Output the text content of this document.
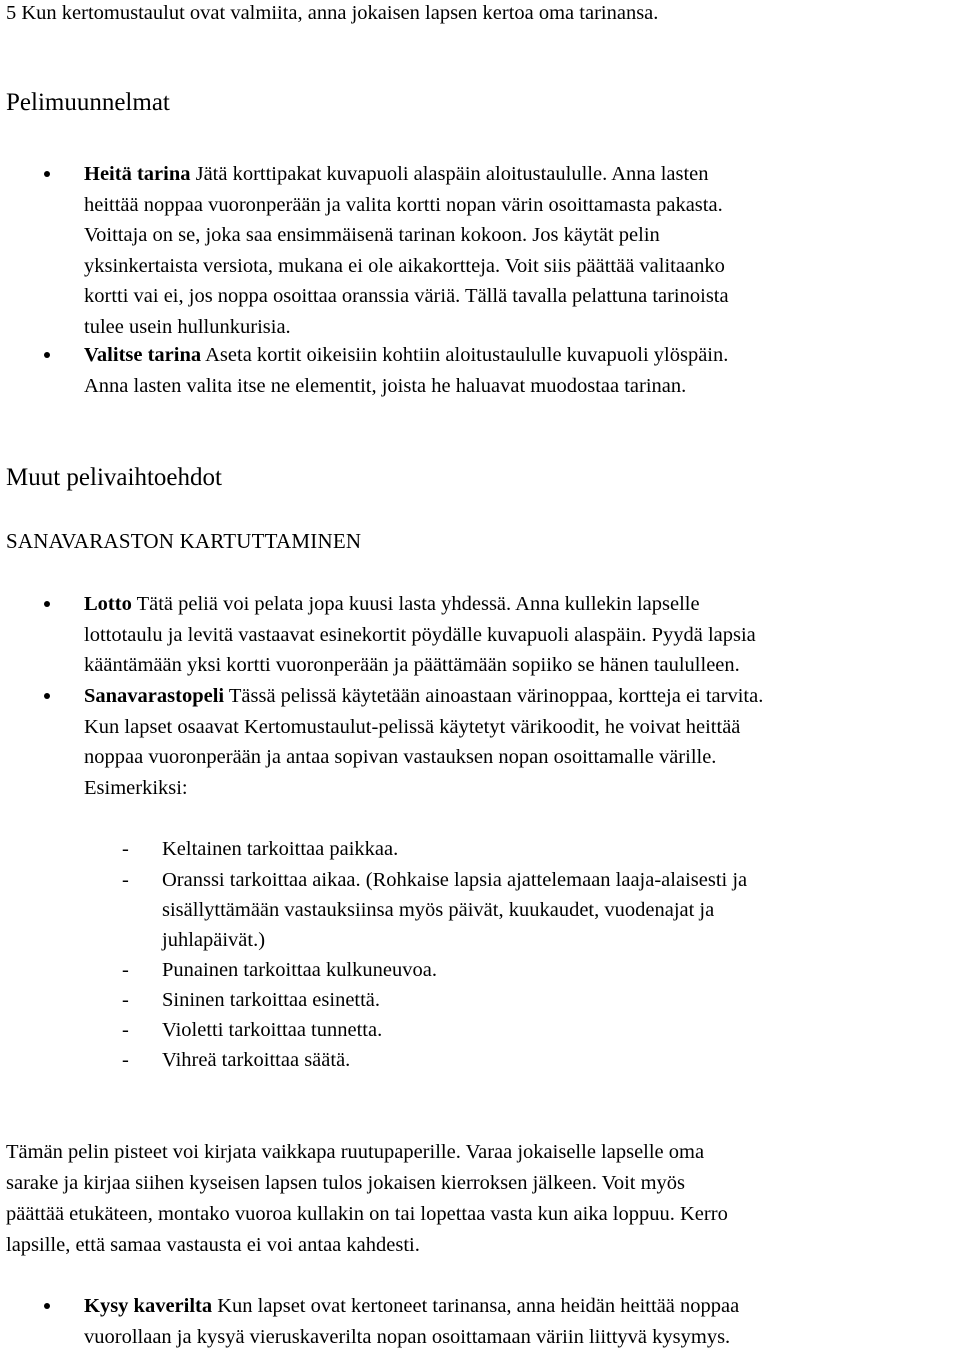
5 Kun kertomustaulut ovat valmiita, anna jokaisen lapsen kertoa oma tarinansa.
Pelimuunnelmat
Heitä tarina Jätä korttipakat kuvapuoli alaspäin aloitustaululle. Anna lasten
heittää noppaa vuoronperään ja valita kortti nopan värin osoittamasta pakasta.
Voittaja on se, joka saa ensimmäisenä tarinan kokoon. Jos käytät pelin
yksinkertaista versiota, mukana ei ole aikakortteja. Voit siis päättää valitaanko
kortti vai ei, jos noppa osoittaa oranssia väriä. Tällä tavalla pelattuna tarinoista
tulee usein hullunkurisia.
Valitse tarina Aseta kortit oikeisiin kohtiin aloitustaululle kuvapuoli ylöspäin.
Anna lasten valita itse ne elementit, joista he haluavat muodostaa tarinan.
Muut pelivaihtoehdot
SANAVARASTON KARTUTTAMINEN
Lotto Tätä peliä voi pelata jopa kuusi lasta yhdessä. Anna kullekin lapselle
lottotaulu ja levitä vastaavat esinekortit pöydälle kuvapuoli alaspäin. Pyydä lapsia
kääntämään yksi kortti vuoronperään ja päättämään sopiiko se hänen taululleen.
Sanavarastopeli Tässä pelissä käytetään ainoastaan värinoppaa, kortteja ei tarvita.
Kun lapset osaavat Kertomustaulut-pelissä käytetyt värikoodit, he voivat heittää
noppaa vuoronperään ja antaa sopivan vastauksen nopan osoittamalle värille.
Esimerkiksi:
- Keltainen tarkoittaa paikkaa.
- Oranssi tarkoittaa aikaa. (Rohkaise lapsia ajattelemaan laaja-alaisesti ja
sisällyttämään vastauksiinsa myös päivät, kuukaudet, vuodenajat ja
juhlapäivät.)
- Punainen tarkoittaa kulkuneuvoa.
- Sininen tarkoittaa esinettä.
- Violetti tarkoittaa tunnetta.
- Vihreä tarkoittaa säätä.
Tämän pelin pisteet voi kirjata vaikkapa ruutupaperille. Varaa jokaiselle lapselle oma
sarake ja kirjaa siihen kyseisen lapsen tulos jokaisen kierroksen jälkeen. Voit myös
päättää etukäteen, montako vuoroa kullakin on tai lopettaa vasta kun aika loppuu. Kerro
lapsille, että samaa vastausta ei voi antaa kahdesti.
Kysy kaverilta Kun lapset ovat kertoneet tarinansa, anna heidän heittää noppaa
vuorollaan ja kysyä vieruskaverilta nopan osoittamaan väriin liittyvä kysymys.
